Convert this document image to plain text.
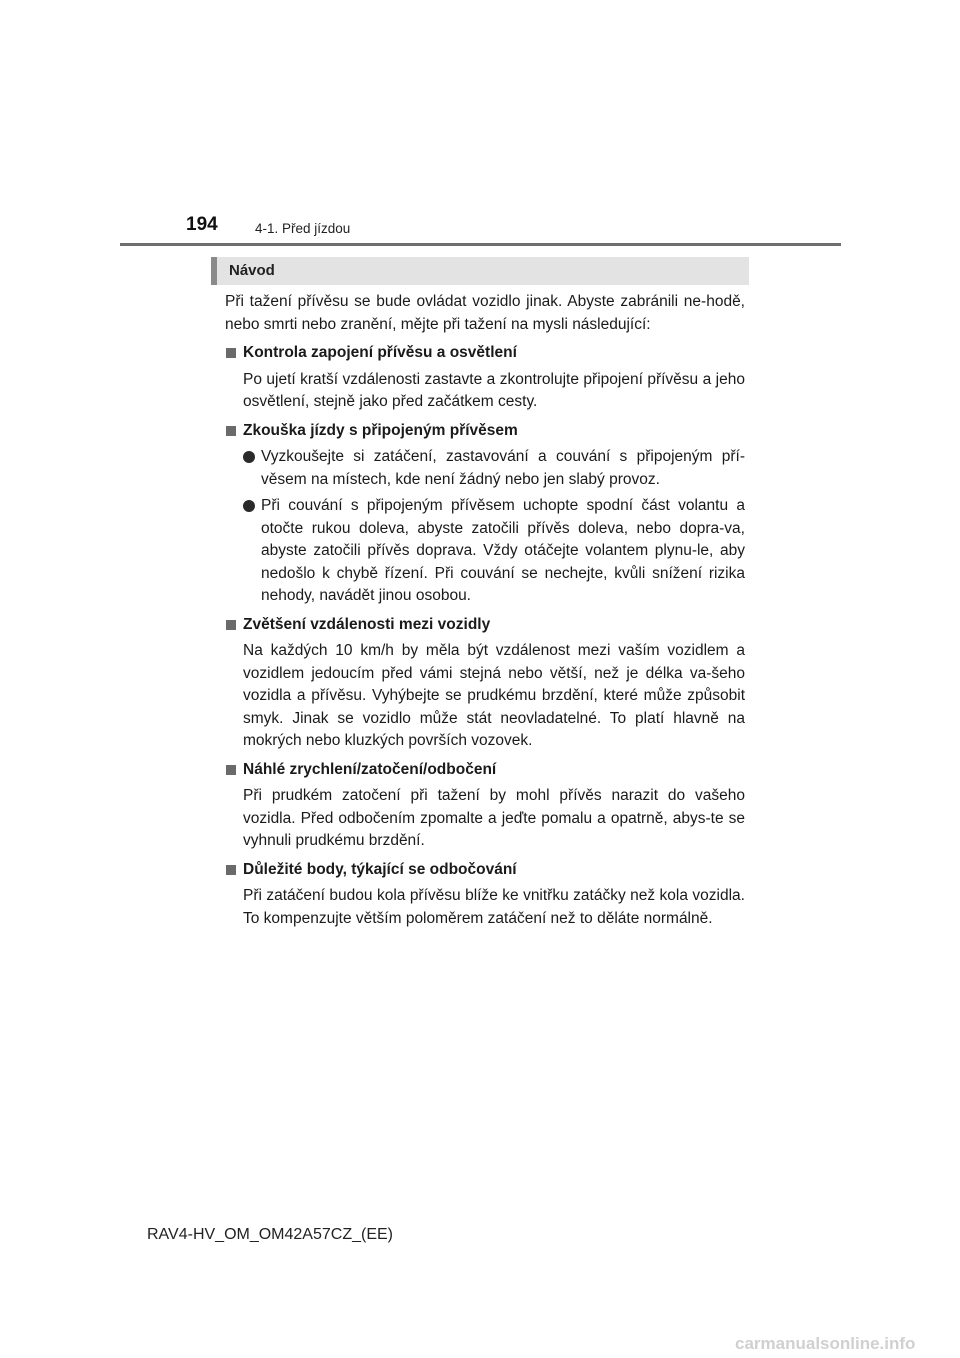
194	4-1. Před jízdou
Návod

Při tažení přívěsu se bude ovládat vozidlo jinak. Abyste zabránili ne-hodě, nebo smrti nebo zranění, mějte při tažení na mysli následující:

Kontrola zapojení přívěsu a osvětlení

Po ujetí kratší vzdálenosti zastavte a zkontrolujte připojení přívěsu a jeho osvětlení, stejně jako před začátkem cesty.

Zkouška jízdy s připojeným přívěsem
Vyzkoušejte si zatáčení, zastavování a couvání s připojeným pří-věsem na místech, kde není žádný nebo jen slabý provoz.
Při couvání s připojeným přívěsem uchopte spodní část volantu a otočte rukou doleva, abyste zatočili přívěs doleva, nebo dopra-va, abyste zatočili přívěs doprava. Vždy otáčejte volantem plynu-le, aby nedošlo k chybě řízení. Při couvání se nechejte, kvůli snížení rizika nehody, navádět jinou osobou.
Zvětšení vzdálenosti mezi vozidly

Na každých 10 km/h by měla být vzdálenost mezi vaším vozidlem a vozidlem jedoucím před vámi stejná nebo větší, než je délka va-šeho vozidla a přívěsu. Vyhýbejte se prudkému brzdění, které může způsobit smyk. Jinak se vozidlo může stát neovladatelné. To platí hlavně na mokrých nebo kluzkých površích vozovek.

Náhlé zrychlení/zatočení/odbočení

Při prudkém zatočení při tažení by mohl přívěs narazit do vašeho vozidla. Před odbočením zpomalte a jeďte pomalu a opatrně, abys-te se vyhnuli prudkému brzdění.

Důležité body, týkající se odbočování

Při zatáčení budou kola přívěsu blíže ke vnitřku zatáčky než kola vozidla. To kompenzujte větším poloměrem zatáčení než to děláte normálně.

RAV4-HV_OM_OM42A57CZ_(EE)
carmanualsonline.info
